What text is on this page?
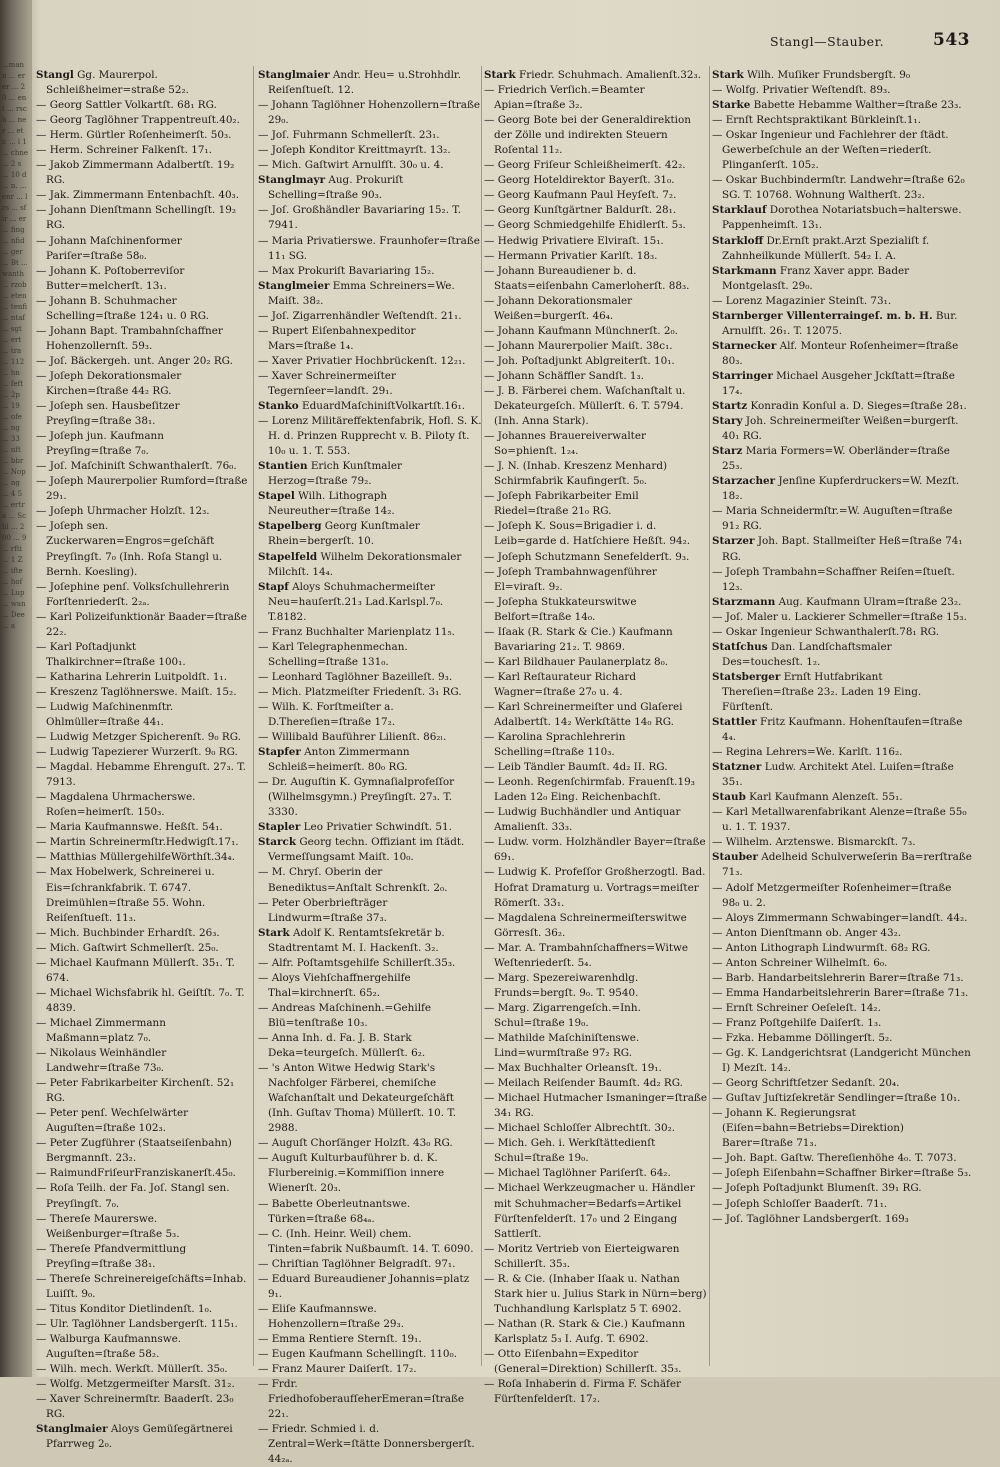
...mann ... erer ... 20 ... ent ... rsch ... ner ... etr. ... l 1 ... chne ... 2 s ... 10 d ... n. ... enr ... lrs ... sfir ... er ... fing ... nfid ... ger ... Bt ... wanth ... rzob ... eten ... tenfi ... ntaf ... sgt ... ert ... tra ... 112 ... hn ... feft ... 2p ... 19 ... ofe ... ng ... 33 ... nft ... bbr ... Nop ... ng ... 4 5 ... ertra ... Schl ... 200 ... 9 ... rfti ... 1 Z ... ifte ... hof ... Lup ... wan ... Dee ... a
Stangl—Stauber.	543

Stangl Gg. Maurerpol. Schleißheimer=straße 52₂.

— Georg Sattler Volkartſt. 68₁ RG.

— Georg Taglöhner Trappentreuſt.40₂.

— Herm. Gürtler Roſenheimerſt. 50₃.

— Herm. Schreiner Falkenſt. 17₁.

— Jakob Zimmermann Adalbertſt. 19₂ RG.

— Jak. Zimmermann Entenbachſt. 40₃.

— Johann Dienſtmann Schellingſt. 19₂ RG.

— Johann Maſchinenformer Pariſer=ſtraße 58₀.

— Johann K. Poſtoberreviſor Butter=melcherſt. 13₁.

— Johann B. Schuhmacher Schelling=ſtraße 124₁ u. 0 RG.

— Johann Bapt. Trambahnſchaffner Hohenzollernſt. 59₃.

— Joſ. Bäckergeh. unt. Anger 20₂ RG.

— Joſeph Dekorationsmaler Kirchen=ſtraße 44₂ RG.

— Joſeph sen. Hausbeſitzer Preyſing=ſtraße 38₁.

— Joſeph jun. Kaufmann Preyſing=ſtraße 7₀.

— Joſ. Maſchiniſt Schwanthalerſt. 76₀.

— Joſeph Maurerpolier Rumford=ſtraße 29₁.

— Joſeph Uhrmacher Holzſt. 12₃.

— Joſeph sen. Zuckerwaren=Engros=geſchäft Preyſingſt. 7₀ (Inh. Roſa Stangl u. Bernh. Koesling).

— Joſephine penſ. Volksſchullehrerin Forſtenriederſt. 2₂ₐ.

— Karl Polizeifunktionär Baader=ſtraße 22₂.

— Karl Poſtadjunkt Thalkirchner=ſtraße 100₁.

— Katharina Lehrerin Luitpoldſt. 1₁.

— Kreszenz Taglöhnerswe. Maiſt. 15₂.

— Ludwig Maſchinenmſtr. Ohlmüller=ſtraße 44₁.

— Ludwig Metzger Spicherenſt. 9₀ RG.

— Ludwig Tapezierer Wurzerſt. 9₀ RG.

— Magdal. Hebamme Ehrenguſt. 27₃. T. 7913.

— Magdalena Uhrmacherswe. Roſen=heimerſt. 150₃.

— Maria Kaufmannswe. Heßſt. 54₁.

— Martin Schreinermſtr.Hedwigſt.17₁.

— Matthias MüllergehilfeWörthſt.34₄.

— Max Hobelwerk, Schreinerei u. Eis=ſchrankfabrik. T. 6747. Dreimühlen=ſtraße 55. Wohn. Reiſenſtueſt. 11₃.

— Mich. Buchbinder Erhardſt. 26₃.

— Mich. Gaſtwirt Schmellerſt. 25₀.

— Michael Kaufmann Müllerſt. 35₁. T. 674.

— Michael Wichsfabrik hl. Geiſtſt. 7₀. T. 4839.

— Michael Zimmermann Maßmann=platz 7₀.

— Nikolaus Weinhändler Landwehr=ſtraße 73₀.

— Peter Fabrikarbeiter Kirchenſt. 52₁ RG.

— Peter penſ. Wechſelwärter Auguſten=ſtraße 102₃.

— Peter Zugführer (Staatseiſenbahn) Bergmannſt. 23₂.

— RaimundFriſeurFranziskanerſt.45₀.

— Roſa Teilh. der Fa. Joſ. Stangl sen. Preyſingſt. 7₀.

— Thereſe Maurerswe. Weißenburger=ſtraße 5₃.

— Thereſe Pfandvermittlung Preyſing=ſtraße 38₁.

— Thereſe Schreinereigeſchäfts=Inhab. Luiſſt. 9₀.

— Titus Konditor Dietlindenſt. 1₀.

— Ulr. Taglöhner Landsbergerſt. 115₁.

— Walburga Kaufmannswe. Auguſten=ſtraße 58₂.

— Wilh. mech. Werkſt. Müllerſt. 35₀.

— Wolfg. Metzgermeiſter Marsſt. 31₂.

— Xaver Schreinermſtr. Baaderſt. 23₀ RG.

Stanglmaier Aloys Gemüſegärtnerei Pfarrweg 2₀.

Stanglmaier Andr. Heu= u.Strohhdlr. Reiſenſtueſt. 12.

— Johann Taglöhner Hohenzollern=ſtraße 29₀.

— Joſ. Fuhrmann Schmellerſt. 23₁.

— Joſeph Konditor Kreittmayrſt. 13₂.

— Mich. Gaſtwirt Arnulfſt. 30₀ u. 4.

Stanglmayr Aug. Prokuriſt Schelling=ſtraße 90₃.

— Joſ. Großhändler Bavariaring 15₂. T. 7941.

— Maria Privatierswe. Fraunhofer=ſtraße 11₁ SG.

— Max Prokuriſt Bavariaring 15₂.

Stanglmeier Emma Schreiners=We. Maiſt. 38₂.

— Joſ. Zigarrenhändler Weſtendſt. 21₁.

— Rupert Eiſenbahnexpeditor Mars=ſtraße 1₄.

— Xaver Privatier Hochbrückenſt. 12₂₁.

— Xaver Schreinermeiſter Tegernſeer=landſt. 29₁.

Stanko EduardMaſchiniſtVolkartſt.16₁.

— Lorenz Militäreffektenfabrik, Hofl. S. K. H. d. Prinzen Rupprecht v. B. Piloty ſt. 10₀ u. 1. T. 553.

Stantien Erich Kunſtmaler Herzog=ſtraße 79₂.

Stapel Wilh. Lithograph Neureuther=ſtraße 14₂.

Stapelberg Georg Kunſtmaler Rhein=bergerſt. 10.

Stapelfeld Wilhelm Dekorationsmaler Milchſt. 14₄.

Stapf Aloys Schuhmachermeiſter Neu=hauſerſt.21₃ Lad.Karlspl.7₀. T.8182.

— Franz Buchhalter Marienplatz 11₅.

— Karl Telegraphenmechan. Schelling=ſtraße 131₀.

— Leonhard Taglöhner Bazeilleſt. 9₃.

— Mich. Platzmeiſter Friedenſt. 3₁ RG.

— Wilh. K. Forſtmeiſter a. D.Thereſien=ſtraße 17₂.

— Willibald Bauführer Lilienſt. 86₂ₗ.

Stapfer Anton Zimmermann Schleiß=heimerſt. 80₀ RG.

— Dr. Auguſtin K. Gymnaſialprofeſſor (Wilhelmsgymn.) Preyſingſt. 27₃. T. 3330.

Stapler Leo Privatier Schwindſt. 51.

Starck Georg techn. Offiziant im ſtädt. Vermeſſungsamt Maiſt. 10₀.

— M. Chryſ. Oberin der Benediktus=Anſtalt Schrenkſt. 2₀.

— Peter Oberbriefträger Lindwurm=ſtraße 37₃.

Stark Adolf K. Rentamtsſekretär b. Stadtrentamt M. I. Hackenſt. 3₂.

— Alfr. Poſtamtsgehilfe Schillerſt.35₃.

— Aloys Viehſchaffnergehilfe Thal=kirchnerſt. 65₂.

— Andreas Maſchinenh.=Gehilfe Blü=tenſtraße 10₃.

— Anna Inh. d. Fa. J. B. Stark Deka=teurgeſch. Müllerſt. 6₂.

— 's Anton Witwe Hedwig Stark's Nachfolger Färberei, chemiſche Waſchanſtalt und Dekateurgeſchäft (Inh. Guſtav Thoma) Müllerſt. 10. T. 2988.

— Auguſt Chorſänger Holzſt. 43₀ RG.

— Auguſt Kulturbauführer b. d. K. Flurbereinig.=Kommiſſion innere Wienerſt. 20₃.

— Babette Oberleutnantswe. Türken=ſtraße 68₄ₐ.

— C. (Inh. Heinr. Weil) chem. Tinten=fabrik Nußbaumſt. 14. T. 6090.

— Chriſtian Taglöhner Belgradſt. 97₁.

— Eduard Bureaudiener Johannis=platz 9₁.

— Eliſe Kaufmannswe. Hohenzollern=ſtraße 29₃.

— Emma Rentiere Sternſt. 19₁.

— Eugen Kaufmann Schellingſt. 110₀.

— Franz Maurer Daiſerſt. 17₂.

— Frdr. FriedhofoberaufſeherEmeran=ſtraße 22₁.

— Friedr. Schmied i. d. Zentral=Werk=ſtätte Donnersbergerſt. 44₂ₐ.

Stark Friedr. Schuhmach. Amalienſt.32₃.

— Friedrich Verſich.=Beamter Apian=ſtraße 3₂.

— Georg Bote bei der Generaldirektion der Zölle und indirekten Steuern Roſental 11₂.

— Georg Friſeur Schleißheimerſt. 42₂.

— Georg Hoteldirektor Bayerſt. 31₀.

— Georg Kaufmann Paul Heyſeſt. 7₂.

— Georg Kunſtgärtner Baldurſt. 28₁.

— Georg Schmiedgehilfe Ehidlerſt. 5₃.

— Hedwig Privatiere Elviraſt. 15₁.

— Hermann Privatier Karlſt. 18₃.

— Johann Bureaudiener b. d. Staats=eiſenbahn Camerloherſt. 88₃.

— Johann Dekorationsmaler Weißen=burgerſt. 46₄.

— Johann Kaufmann Münchnerſt. 2₀.

— Johann Maurerpolier Maiſt. 38c₁.

— Joh. Poſtadjunkt Ablgreiterſt. 10₁.

— Johann Schäffler Sandſt. 1₃.

— J. B. Färberei chem. Waſchanſtalt u. Dekateurgeſch. Müllerſt. 6. T. 5794. (Inh. Anna Stark).

— Johannes Brauereiverwalter So=phienſt. 1₂₄.

— J. N. (Inhab. Kreszenz Menhard) Schirmfabrik Kaufingerſt. 5₀.

— Joſeph Fabrikarbeiter Emil Riedel=ſtraße 21₀ RG.

— Joſeph K. Sous=Brigadier i. d. Leib=garde d. Hatſchiere Heßſt. 94₂.

— Joſeph Schutzmann Senefelderſt. 9₃.

— Joſeph Trambahnwagenführer El=viraſt. 9₂.

— Joſepha Stukkateurswitwe Belfort=ſtraße 14₀.

— Iſaak (R. Stark & Cie.) Kaufmann Bavariaring 21₂. T. 9869.

— Karl Bildhauer Paulanerplatz 8₀.

— Karl Reſtaurateur Richard Wagner=ſtraße 27₀ u. 4.

— Karl Schreinermeiſter und Glaſerei Adalbertſt. 14₂ Werkſtätte 14₀ RG.

— Karolina Sprachlehrerin Schelling=ſtraße 110₃.

— Leib Tändler Baumſt. 4d₂ II. RG.

— Leonh. Regenſchirmfab. Frauenſt.19₃ Laden 12₀ Eing. Reichenbachſt.

— Ludwig Buchhändler und Antiquar Amalienſt. 33₃.

— Ludw. vorm. Holzhändler Bayer=ſtraße 69₁.

— Ludwig K. Profeſſor Großherzogtl. Bad. Hofrat Dramaturg u. Vortrags=meiſter Römerſt. 33₁.

— Magdalena Schreinermeiſterswitwe Görresſt. 36₂.

— Mar. A. Trambahnſchaffners=Witwe Weſtenriederſt. 5₄.

— Marg. Spezereiwarenhdlg. Frunds=bergſt. 9₀. T. 9540.

— Marg. Zigarrengeſch.=Inh. Schul=ſtraße 19₀.

— Mathilde Maſchiniſtenswe. Lind=wurmſtraße 97₂ RG.

— Max Buchhalter Orleansſt. 19₁.

— Meilach Reiſender Baumſt. 4d₂ RG.

— Michael Hutmacher Ismaninger=ſtraße 34₁ RG.

— Michael Schloſſer Albrechtſt. 30₂.

— Mich. Geh. i. Werkſtättedienſt Schul=ſtraße 19₀.

— Michael Taglöhner Pariſerſt. 64₂.

— Michael Werkzeugmacher u. Händler mit Schuhmacher=Bedarfs=Artikel Fürſtenfelderſt. 17₀ und 2 Eingang Sattlerſt.

— Moritz Vertrieb von Eierteigwaren Schillerſt. 35₃.

— R. & Cie. (Inhaber Iſaak u. Nathan Stark hier u. Julius Stark in Nürn=berg) Tuchhandlung Karlsplatz 5 T. 6902.

— Nathan (R. Stark & Cie.) Kaufmann Karlsplatz 5₃ I. Aufg. T. 6902.

— Otto Eiſenbahn=Expeditor (General=Direktion) Schillerſt. 35₃.

— Roſa Inhaberin d. Firma F. Schäfer Fürſtenfelderſt. 17₂.

Stark Wilh. Muſiker Frundsbergſt. 9₀

— Wolfg. Privatier Weſtendſt. 89₃.

Starke Babette Hebamme Walther=ſtraße 23₃.

— Ernſt Rechtspraktikant Bürkleinſt.1₁.

— Oskar Ingenieur und Fachlehrer der ſtädt. Gewerbeſchule an der Weſten=riederſt. Plinganſerſt. 105₂.

— Oskar Buchbindermſtr. Landwehr=ſtraße 62₀ SG. T. 10768. Wohnung Waltherſt. 23₂.

Starklauf Dorothea Notariatsbuch=halterswe. Pappenheimſt. 13₁.

Starkloff Dr.Ernſt prakt.Arzt Spezialiſt f. Zahnheilkunde Müllerſt. 54₂ I. A.

Starkmann Franz Xaver appr. Bader Montgelasſt. 29₀.

— Lorenz Magazinier Steinſt. 73₁.

Starnberger Villenterraingeſ. m. b. H. Bur. Arnulfſt. 26₁. T. 12075.

Starnecker Alf. Monteur Roſenheimer=ſtraße 80₃.

Starringer Michael Ausgeher Jckſtatt=ſtraße 17₄.

Startz Konradin Konſul a. D. Sieges=ſtraße 28₁.

Stary Joh. Schreinermeiſter Weißen=burgerſt. 40₁ RG.

Starz Maria Formers=W. Oberländer=ſtraße 25₃.

Starzacher Jenſine Kupferdruckers=W. Mezſt. 18₂.

— Maria Schneidermſtr.=W. Auguſten=ſtraße 91₂ RG.

Starzer Joh. Bapt. Stallmeiſter Heß=ſtraße 74₁ RG.

— Joſeph Trambahn=Schaffner Reiſen=ſtueſt. 12₃.

Starzmann Aug. Kaufmann Ulram=ſtraße 23₂.

— Joſ. Maler u. Lackierer Schmeller=ſtraße 15₃.

— Oskar Ingenieur Schwanthalerſt.78₁ RG.

Statſchus Dan. Landſchaftsmaler Des=touchesſt. 1₂.

Statsberger Ernſt Hutfabrikant Thereſien=ſtraße 23₂. Laden 19 Eing. Fürſtenſt.

Stattler Fritz Kaufmann. Hohenſtaufen=ſtraße 4₄.

— Regina Lehrers=We. Karlſt. 116₂.

Statzner Ludw. Architekt Atel. Luiſen=ſtraße 35₁.

Staub Karl Kaufmann Alenzeſt. 55₁.

— Karl Metallwarenfabrikant Alenze=ſtraße 55₀ u. 1. T. 1937.

— Wilhelm. Arztenswe. Bismarckſt. 7₃.

Stauber Adelheid Schulverweſerin Ba=rerſtraße 71₃.

— Adolf Metzgermeiſter Roſenheimer=ſtraße 98₀ u. 2.

— Aloys Zimmermann Schwabinger=landſt. 44₂.

— Anton Dienſtmann ob. Anger 43₂.

— Anton Lithograph Lindwurmſt. 68₂ RG.

— Anton Schreiner Wilhelmſt. 6₀.

— Barb. Handarbeitslehrerin Barer=ſtraße 71₃.

— Emma Handarbeitslehrerin Barer=ſtraße 71₃.

— Ernſt Schreiner Oeſeleſt. 14₂.

— Franz Poſtgehilfe Daiſerſt. 1₃.

— Fzka. Hebamme Döllingerſt. 5₂.

— Gg. K. Landgerichtsrat (Landgericht München I) Mezſt. 14₂.

— Georg Schriftſetzer Sedanſt. 20₄.

— Guſtav Juſtizſekretär Sendlinger=ſtraße 10₁.

— Johann K. Regierungsrat (Eiſen=bahn=Betriebs=Direktion) Barer=ſtraße 71₃.

— Joh. Bapt. Gaſtw. Thereſienhöhe 4₀. T. 7073.

— Joſeph Eiſenbahn=Schaffner Birker=ſtraße 5₃.

— Joſeph Poſtadjunkt Blumenſt. 39₁ RG.

— Joſeph Schloſſer Baaderſt. 71₁.

— Joſ. Taglöhner Landsbergerſt. 169₃
